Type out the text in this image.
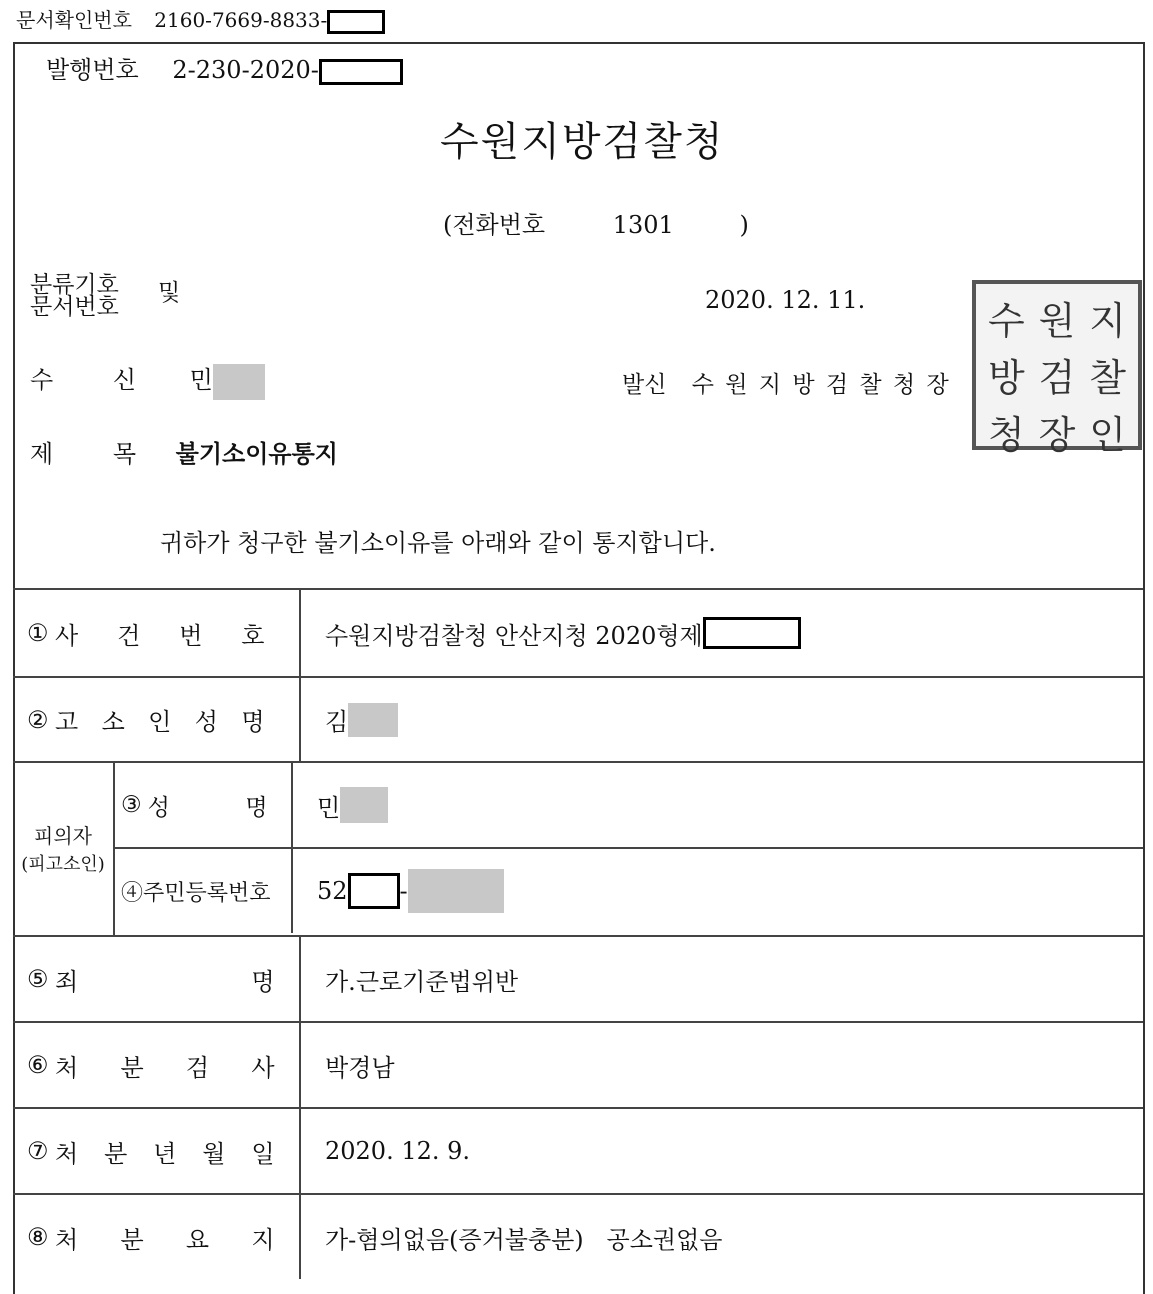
문서확인번호 2160-7669-8833-
발행번호 2-230-2020-
수원지방검찰청
(전화번호	1301	)
분류기호
문서번호
및	2020. 12. 11.
수 신 민	발신 수 원 지 방 검 찰 청 장
수 원 지
방 검 찰
청 장 인
제 목 불기소이유통지
귀하가 청구한 불기소이유를 아래와 같이 통지합니다.
① 사 건 번 호	수원지방검찰청 안산지청 2020형제
② 고 소 인 성 명 김
피의자
(피고소인)
③ 성	명 민
④주민등록번호	52 -
⑤ 죄	명	가.근로기준법위반
⑥ 처 분 검 사	박경남
⑦ 처 분 년 월 일	2020. 12. 9.
⑧ 처 분 요 지	가-혐의없음(증거불충분)   공소권없음
